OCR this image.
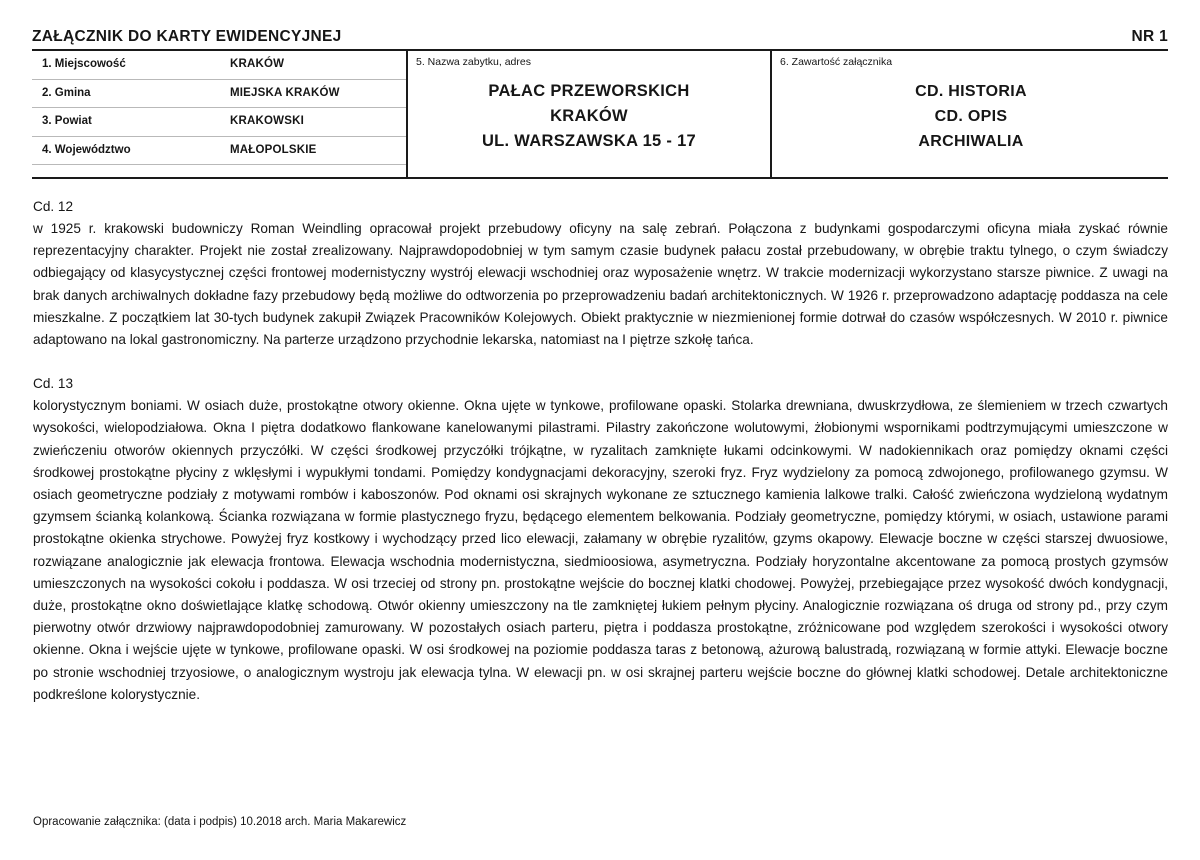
ZAŁĄCZNIK DO KARTY EWIDENCYJNEJ	NR 1
1. Miejscowość	KRAKÓW
2. Gmina	MIEJSKA KRAKÓW
3. Powiat	KRAKOWSKI
4. Województwo	MAŁOPOLSKIE
5. Nazwa zabytku, adres
PAŁAC PRZEWORSKICH
KRAKÓW
UL. WARSZAWSKA 15 - 17
6. Zawartość załącznika
CD. HISTORIA
CD. OPIS
ARCHIWALIA
Cd. 12
w 1925 r. krakowski budowniczy Roman Weindling opracował projekt przebudowy oficyny na salę zebrań. Połączona z budynkami gospodarczymi oficyna miała zyskać równie reprezentacyjny charakter. Projekt nie został zrealizowany. Najprawdopodobniej w tym samym czasie budynek pałacu został przebudowany, w obrębie traktu tylnego, o czym świadczy odbiegający od klasycystycznej części frontowej modernistyczny wystrój elewacji wschodniej oraz wyposażenie wnętrz. W trakcie modernizacji wykorzystano starsze piwnice. Z uwagi na brak danych archiwalnych dokładne fazy przebudowy będą możliwe do odtworzenia po przeprowadzeniu badań architektonicznych. W 1926 r. przeprowadzono adaptację poddasza na cele mieszkalne. Z początkiem lat 30-tych budynek zakupił Związek Pracowników Kolejowych. Obiekt praktycznie w niezmienionej formie dotrwał do czasów współczesnych. W 2010 r. piwnice adaptowano na lokal gastronomiczny. Na parterze urządzono przychodnie lekarska, natomiast na I piętrze szkołę tańca.
Cd. 13
kolorystycznym boniami. W osiach duże, prostokątne otwory okienne. Okna ujęte w tynkowe, profilowane opaski. Stolarka drewniana, dwuskrzydłowa, ze ślemieniem w trzech czwartych wysokości, wielopodziałowa. Okna I piętra dodatkowo flankowane kanelowanymi pilastrami. Pilastry zakończone wolutowymi, żłobionymi wspornikami podtrzymującymi umieszczone w zwieńczeniu otworów okiennych przyczółki. W części środkowej przyczółki trójkątne, w ryzalitach zamknięte łukami odcinkowymi. W nadokiennikach oraz pomiędzy oknami części środkowej prostokątne płyciny z wklęsłymi i wypukłymi tondami. Pomiędzy kondygnacjami dekoracyjny, szeroki fryz. Fryz wydzielony za pomocą zdwojonego, profilowanego gzymsu. W osiach geometryczne podziały z motywami rombów i kaboszonów. Pod oknami osi skrajnych wykonane ze sztucznego kamienia lalkowe tralki. Całość zwieńczona wydzieloną wydatnym gzymsem ścianką kolankową. Ścianka rozwiązana w formie plastycznego fryzu, będącego elementem belkowania. Podziały geometryczne, pomiędzy którymi, w osiach, ustawione parami prostokątne okienka strychowe. Powyżej fryz kostkowy i wychodzący przed lico elewacji, załamany w obrębie ryzalitów, gzyms okapowy. Elewacje boczne w części starszej dwuosiowe, rozwiązane analogicznie jak elewacja frontowa. Elewacja wschodnia modernistyczna, siedmioosiowa, asymetryczna. Podziały horyzontalne akcentowane za pomocą prostych gzymsów umieszczonych na wysokości cokołu i poddasza. W osi trzeciej od strony pn. prostokątne wejście do bocznej klatki chodowej. Powyżej, przebiegające przez wysokość dwóch kondygnacji, duże, prostokątne okno doświetlające klatkę schodową. Otwór okienny umieszczony na tle zamkniętej łukiem pełnym płyciny. Analogicznie rozwiązana oś druga od strony pd., przy czym pierwotny otwór drzwiowy najprawdopodobniej zamurowany. W pozostałych osiach parteru, piętra i poddasza prostokątne, zróżnicowane pod względem szerokości i wysokości otwory okienne. Okna i wejście ujęte w tynkowe, profilowane opaski. W osi środkowej na poziomie poddasza taras z betonową, ażurową balustradą, rozwiązaną w formie attyki. Elewacje boczne po stronie wschodniej trzyosiowe, o analogicznym wystroju jak elewacja tylna. W elewacji pn. w osi skrajnej parteru wejście boczne do głównej klatki schodowej. Detale architektoniczne podkreślone kolorystycznie.
Opracowanie załącznika: (data i podpis) 10.2018 arch. Maria Makarewicz
